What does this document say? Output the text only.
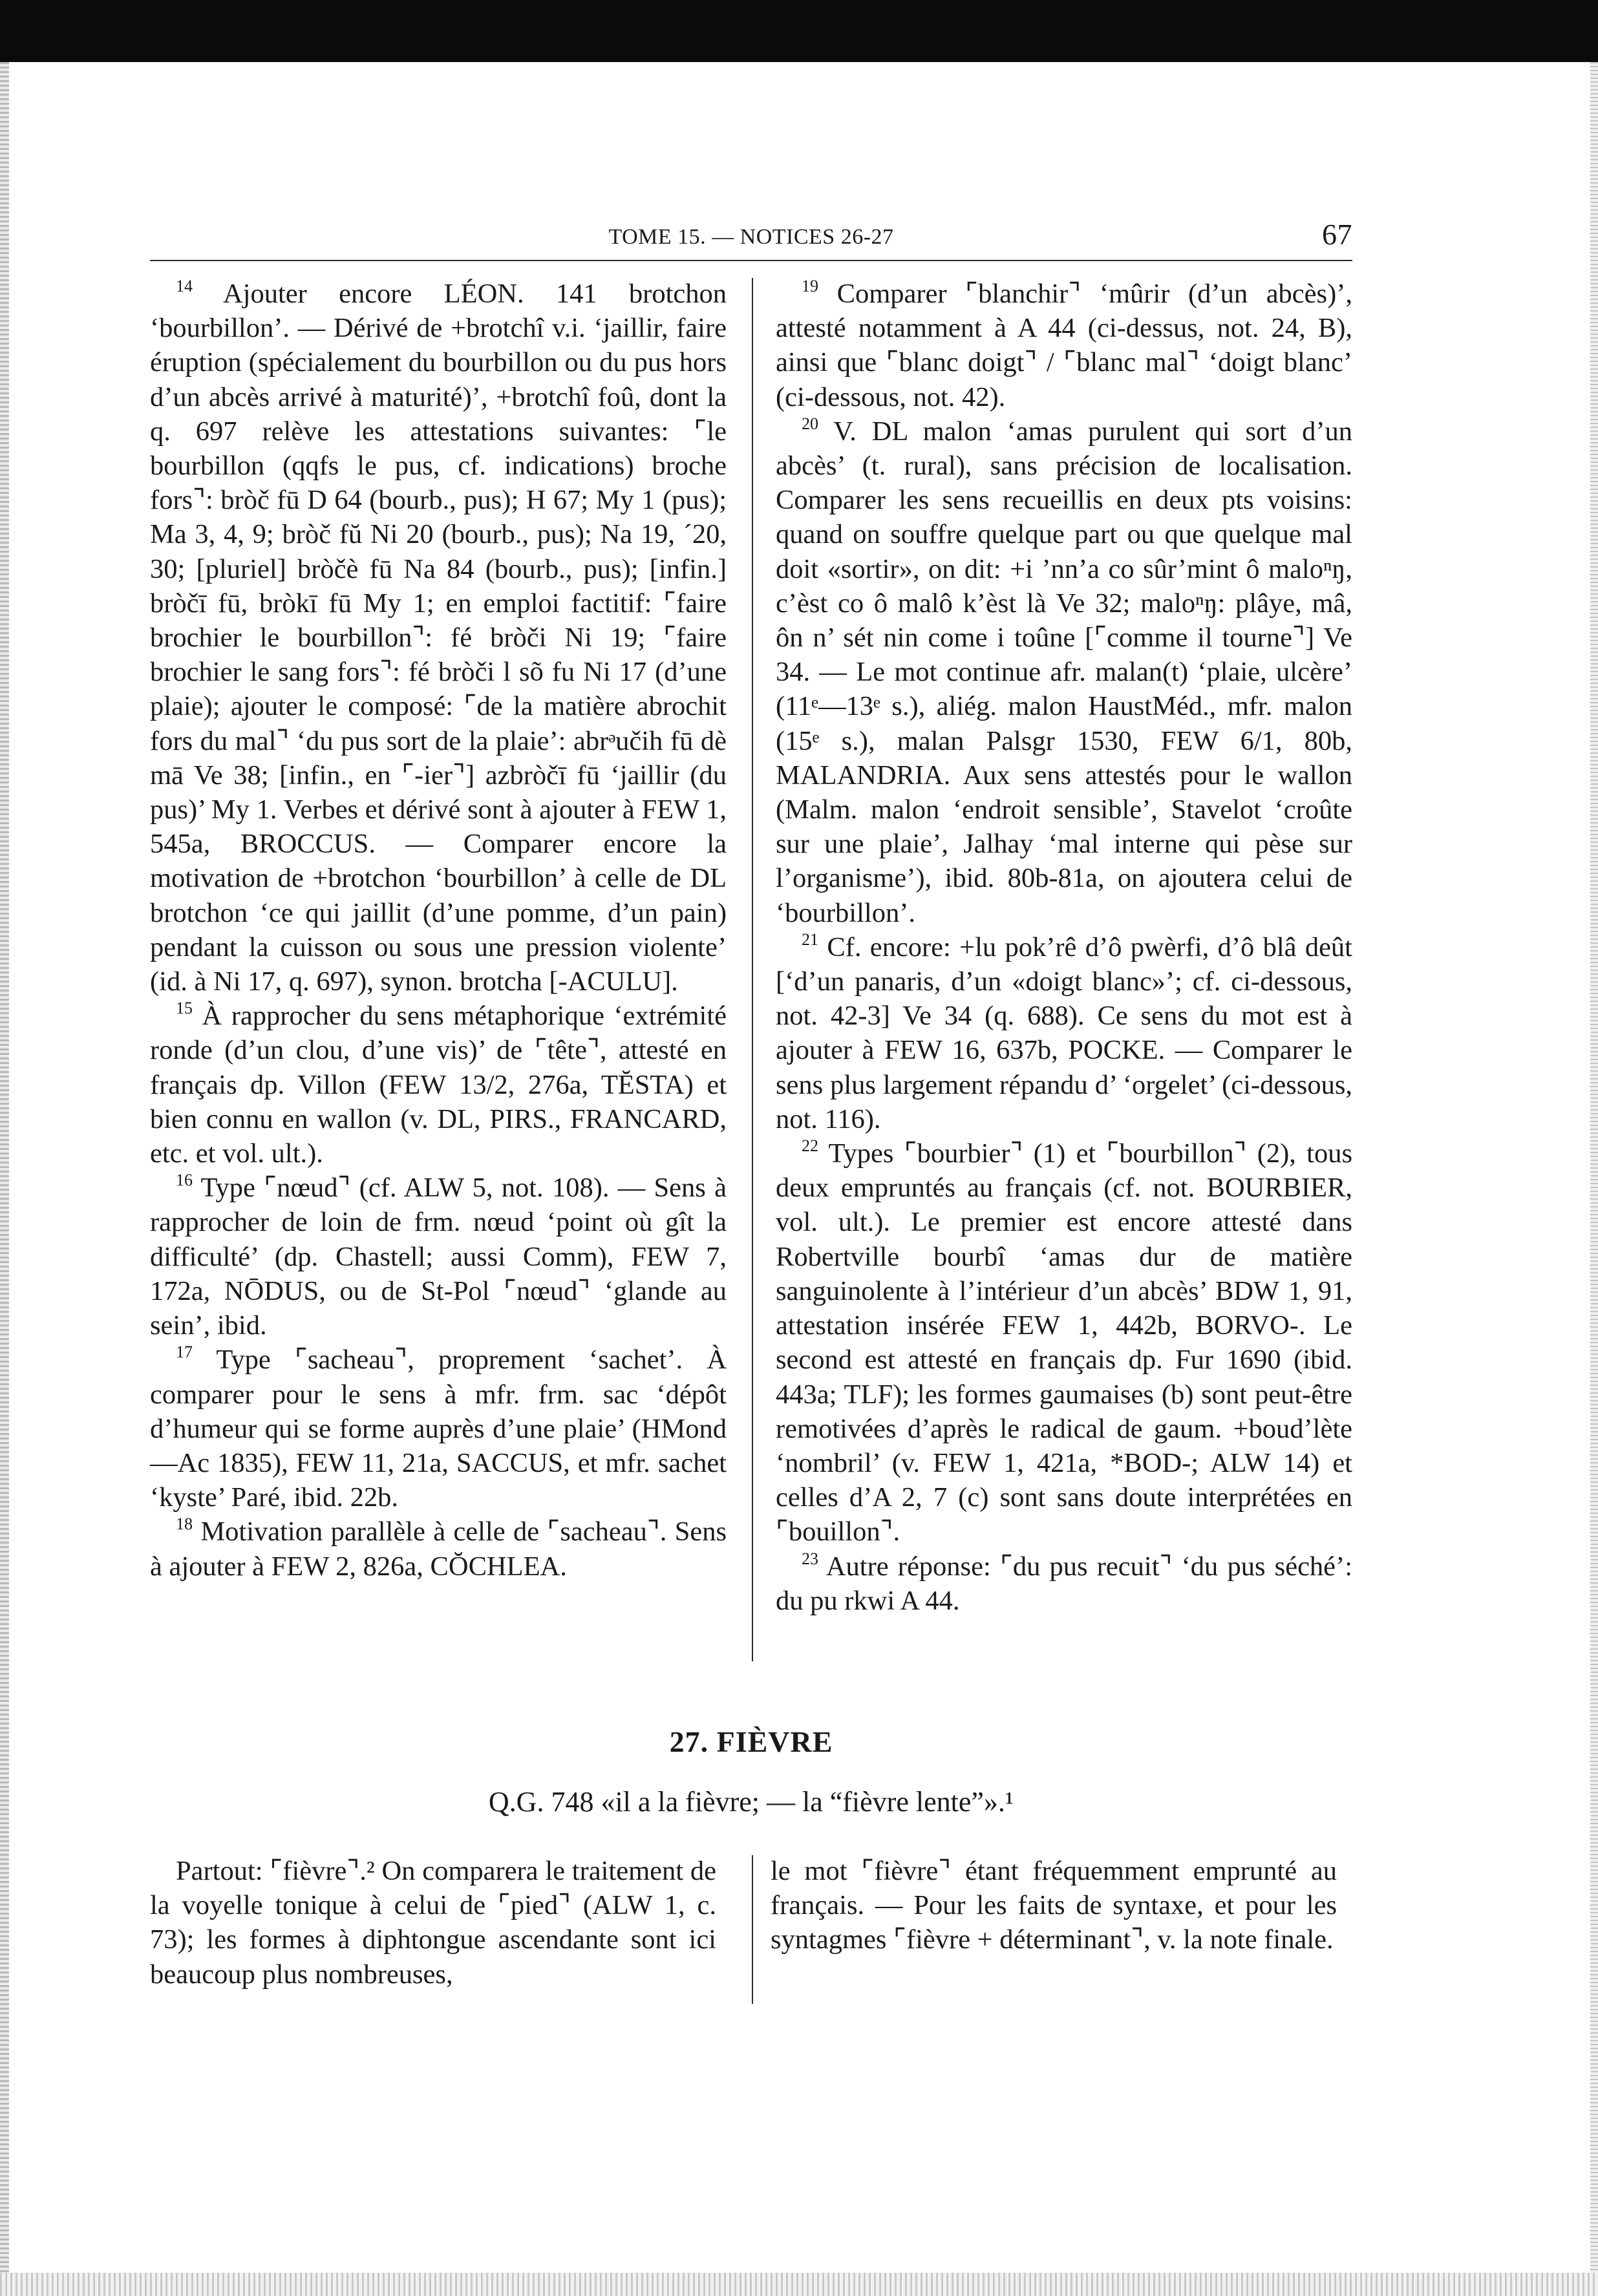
TOME 15. — NOTICES 26-27	67

$^{14}$ Ajouter encore LÉON. 141 brotchon ‘bourbillon’. — Dérivé de +brotchî v.i. ‘jaillir, faire éruption (spécialement du bourbillon ou du pus hors d’un abcès arrivé à maturité)’, +brotchî foû, dont la q. 697 relève les attestations suivantes: ⌜le bourbillon (qqfs le pus, cf. indications) broche fors⌝: bròč fū D 64 (bourb., pus); H 67; My 1 (pus); Ma 3, 4, 9; bròč fŭ Ni 20 (bourb., pus); Na 19, ´20, 30; [pluriel] bròčè fū Na 84 (bourb., pus); [infin.] bròčī fū, bròkī fū My 1; en emploi factitif: ⌜faire brochier le bourbillon⌝: fé bròči Ni 19; ⌜faire brochier le sang fors⌝: fé bròči l sõ fu Ni 17 (d’une plaie); ajouter le composé: ⌜de la matière abrochit fors du mal⌝ ‘du pus sort de la plaie’: abrᵊučih fū dè mā Ve 38; [infin., en ⌜-ier⌝] azbròčī fū ‘jaillir (du pus)’ My 1. Verbes et dérivé sont à ajouter à FEW 1, 545a, BROCCUS. — Comparer encore la motivation de +brotchon ‘bourbillon’ à celle de DL brotchon ‘ce qui jaillit (d’une pomme, d’un pain) pendant la cuisson ou sous une pression violente’ (id. à Ni 17, q. 697), synon. brotcha [-ACULU].

$^{15}$ À rapprocher du sens métaphorique ‘extrémité ronde (d’un clou, d’une vis)’ de ⌜tête⌝, attesté en français dp. Villon (FEW 13/2, 276a, TĔSTA) et bien connu en wallon (v. DL, PIRS., FRANCARD, etc. et vol. ult.).

$^{16}$ Type ⌜nœud⌝ (cf. ALW 5, not. 108). — Sens à rapprocher de loin de frm. nœud ‘point où gît la difficulté’ (dp. Chastell; aussi Comm), FEW 7, 172a, NŌDUS, ou de St-Pol ⌜nœud⌝ ‘glande au sein’, ibid.

$^{17}$ Type ⌜sacheau⌝, proprement ‘sachet’. À comparer pour le sens à mfr. frm. sac ‘dépôt d’humeur qui se forme auprès d’une plaie’ (HMond—Ac 1835), FEW 11, 21a, SACCUS, et mfr. sachet ‘kyste’ Paré, ibid. 22b.

$^{18}$ Motivation parallèle à celle de ⌜sacheau⌝. Sens à ajouter à FEW 2, 826a, CŎCHLEA.

$^{19}$ Comparer ⌜blanchir⌝ ‘mûrir (d’un abcès)’, attesté notamment à A 44 (ci-dessus, not. 24, B), ainsi que ⌜blanc doigt⌝ / ⌜blanc mal⌝ ‘doigt blanc’ (ci-dessous, not. 42).

$^{20}$ V. DL malon ‘amas purulent qui sort d’un abcès’ (t. rural), sans précision de localisation. Comparer les sens recueillis en deux pts voisins: quand on souffre quelque part ou que quelque mal doit «sortir», on dit: +i ’nn’a co sûr’mint ô maloⁿŋ, c’èst co ô malô k’èst là Ve 32; maloⁿŋ: plâye, mâ, ôn n’ sét nin come i toûne [⌜comme il tourne⌝] Ve 34. — Le mot continue afr. malan(t) ‘plaie, ulcère’ (11ᵉ—13ᵉ s.), aliég. malon HaustMéd., mfr. malon (15ᵉ s.), malan Palsgr 1530, FEW 6/1, 80b, MALANDRIA. Aux sens attestés pour le wallon (Malm. malon ‘endroit sensible’, Stavelot ‘croûte sur une plaie’, Jalhay ‘mal interne qui pèse sur l’organisme’), ibid. 80b-81a, on ajoutera celui de ‘bourbillon’.

$^{21}$ Cf. encore: +lu pok’rê d’ô pwèrfi, d’ô blâ deût [‘d’un panaris, d’un «doigt blanc»’; cf. ci-dessous, not. 42-3] Ve 34 (q. 688). Ce sens du mot est à ajouter à FEW 16, 637b, POCKE. — Comparer le sens plus largement répandu d’ ‘orgelet’ (ci-dessous, not. 116).

$^{22}$ Types ⌜bourbier⌝ (1) et ⌜bourbillon⌝ (2), tous deux empruntés au français (cf. not. BOURBIER, vol. ult.). Le premier est encore attesté dans Robertville bourbî ‘amas dur de matière sanguinolente à l’intérieur d’un abcès’ BDW 1, 91, attestation insérée FEW 1, 442b, BORVO-. Le second est attesté en français dp. Fur 1690 (ibid. 443a; TLF); les formes gaumaises (b) sont peut-être remotivées d’après le radical de gaum. +boud’lète ‘nombril’ (v. FEW 1, 421a, *BOD-; ALW 14) et celles d’A 2, 7 (c) sont sans doute interprétées en ⌜bouillon⌝.

$^{23}$ Autre réponse: ⌜du pus recuit⌝ ‘du pus séché’: du pu rkwi A 44.

27. FIÈVRE
Q.G. 748 «il a la fièvre; — la “fièvre lente”».¹

Partout: ⌜fièvre⌝.² On comparera le traitement de la voyelle tonique à celui de ⌜pied⌝ (ALW 1, c. 73); les formes à diphtongue ascendante sont ici beaucoup plus nombreuses,

le mot ⌜fièvre⌝ étant fréquemment emprunté au français. — Pour les faits de syntaxe, et pour les syntagmes ⌜fièvre + déterminant⌝, v. la note finale.
